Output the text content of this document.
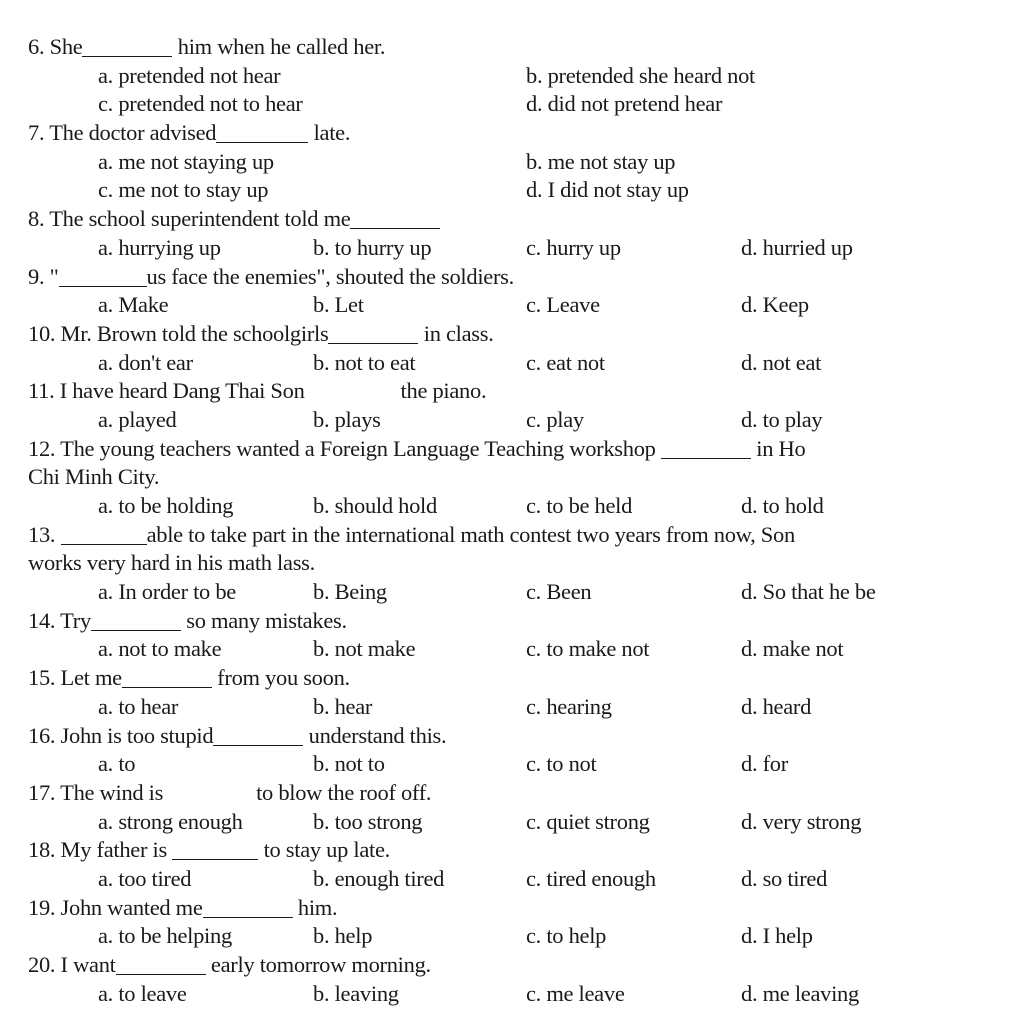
6. She	him when he called her.
a. pretended not hear	b. pretended she heard not
c. pretended not to hear	d. did not pretend hear
7. The doctor advised	late.
a. me not staying up	b. me not stay up
c. me not to stay up	d. I did not stay up
8. The school superintendent told me
a. hurrying up	b. to hurry up	c. hurry up	d. hurried up
9. "	us face the enemies", shouted the soldiers.
a. Make	b. Let	c. Leave	d. Keep
10. Mr. Brown told the schoolgirls	in class.
a. don't ear	b. not to eat	c. eat not	d. not eat
11. I have heard Dang Thai Son	the piano.
a. played	b. plays	c. play	d. to play
12. The young teachers wanted a Foreign Language Teaching workshop	in Ho
Chi Minh City.
a. to be holding	b. should hold	c. to be held	d. to hold
13.	able to take part in the international math contest two years from now, Son
works very hard in his math lass.
a. In order to be	b. Being	c. Been	d. So that he be
14. Try	so many mistakes.
a. not to make	b. not make	c. to make not	d. make not
15. Let me	from you soon.
a. to hear	b. hear	c. hearing	d. heard
16. John is too stupid	understand this.
a. to	b. not to	c. to not	d. for
17. The wind is	to blow the roof off.
a. strong enough	b. too strong	c. quiet strong	d. very strong
18. My father is	to stay up late.
a. too tired	b. enough tired	c. tired enough	d. so tired
19. John wanted me	him.
a. to be helping	b. help	c. to help	d. I help
20. I want	early tomorrow morning.
a. to leave	b. leaving	c. me leave	d. me leaving
